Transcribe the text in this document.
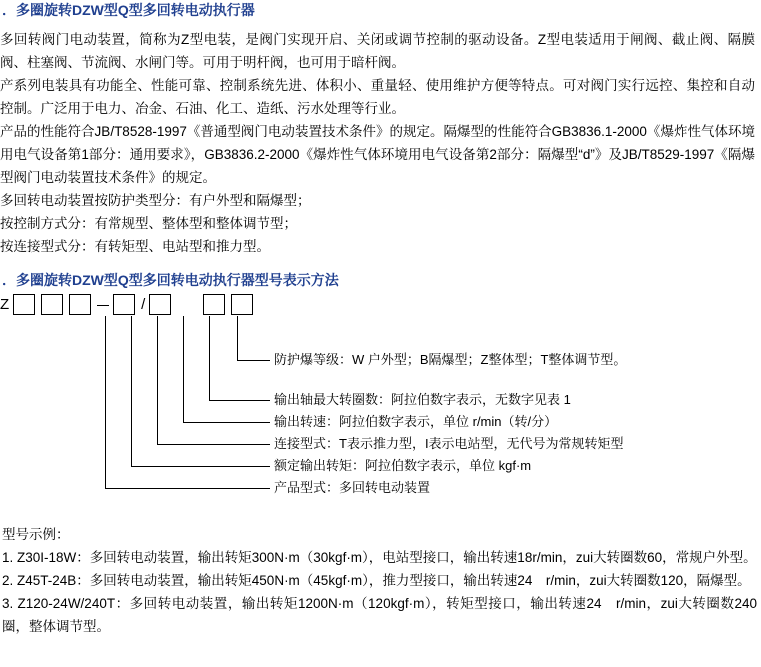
．多圈旋转DZW型Q型多回转电动执行器

多回转阀门电动装置，简称为Z型电装，是阀门实现开启、关闭或调节控制的驱动设备。Z型电装适用于闸阀、截止阀、隔膜阀、柱塞阀、节流阀、水闸门等。可用于明杆阀，也可用于暗杆阀。

产系列电装具有功能全、性能可靠、控制系统先进、体积小、重量轻、使用维护方便等特点。可对阀门实行远控、集控和自动控制。广泛用于电力、冶金、石油、化工、造纸、污水处理等行业。

产品的性能符合JB/T8528-1997《普通型阀门电动装置技术条件》的规定。隔爆型的性能符合GB3836.1-2000《爆炸性气体环境用电气设备第1部分：通用要求》，GB3836.2-2000《爆炸性气体环境用电气设备第2部分：隔爆型“d”》及JB/T8529-1997《隔爆型阀门电动装置技术条件》的规定。

多回转电动装置按防护类型分：有户外型和隔爆型；

按控制方式分：有常规型、整体型和整体调节型；

按连接型式分：有转矩型、电站型和推力型。

．多圈旋转DZW型Q型多回转电动执行器型号表示方法
Z	/
防护爆等级：W 户外型；B隔爆型；Z整体型；T整体调节型。
输出轴最大转圈数：阿拉伯数字表示，无数字见表 1
输出转速：阿拉伯数字表示，单位 r/min（转/分）
连接型式：T表示推力型，I表示电站型，无代号为常规转矩型
额定输出转矩：阿拉伯数字表示，单位 kgf·m
产品型式：多回转电动装置

型号示例：

1. Z30I-18W：多回转电动装置，输出转矩300N·m（30kgf·m），电站型接口，输出转速18r/min，zui大转圈数60，常规户外型。

2. Z45T-24B：多回转电动装置，输出转矩450N·m（45kgf·m），推力型接口，输出转速24　r/min，zui大转圈数120，隔爆型。

3. Z120-24W/240T：多回转电动装置，输出转矩1200N·m（120kgf·m），转矩型接口，输出转速24　r/min，zui大转圈数240圈，整体调节型。
